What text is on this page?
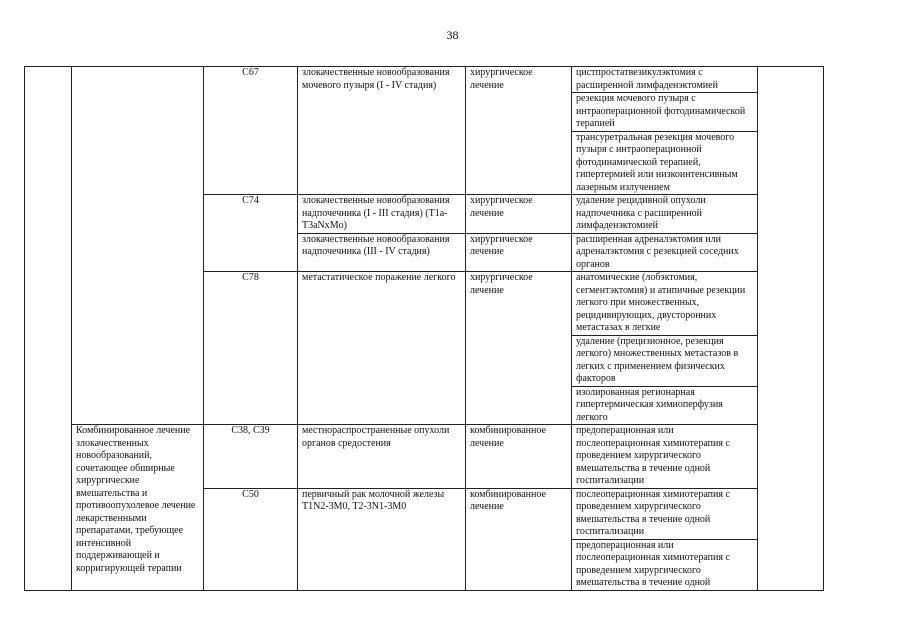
38
		C67	злокачественные новообразования мочевого пузыря (I - IV стадия)	хирургическое лечение	цистпростатвезикулэктомия с расширенной лимфаденэктомией	
					резекция мочевого пузыря с интраоперационной фотодинамической терапией	
					трансуретральная резекция мочевого пузыря с интраоперационной фотодинамической терапией, гипертермией или низкоинтенсивным лазерным излучением	
		C74	злокачественные новообразования надпочечника (I - III стадия) (T1a-T3aNxMo)	хирургическое лечение	удаление рецидивной опухоли надпочечника с расширенной лимфаденэктомией	
			злокачественные новообразования надпочечника (III - IV стадия)	хирургическое лечение	расширенная адреналэктомия или адреналэктомия с резекцией соседних органов	
		C78	метастатическое поражение легкого	хирургическое лечение	анатомические (лобэктомия, сегментэктомия) и атипичные резекции легкого при множественных, рецидивирующих, двусторонних метастазах в легкие	
					удаление (прецизионное, резекция легкого) множественных метастазов в легких с применением физических факторов	
					изолированная регионарная гипертермическая химиоперфузия легкого	

	Комбинированное лечение злокачественных новообразований, сочетающее обширные хирургические вмешательства и противоопухолевое лечение лекарственными препаратами, требующее интенсивной поддерживающей и корригирующей терапии	C38, C39	местнораспространенные опухоли органов средостения	комбинированное лечение	предоперационная или послеоперационная химиотерапия с проведением хирургического вмешательства в течение одной госпитализации	
		C50	первичный рак молочной железы T1N2-3M0, T2-3N1-3M0	комбинированное лечение	послеоперационная химиотерапия с проведением хирургического вмешательства в течение одной госпитализации	
					предоперационная или послеоперационная химиотерапия с проведением хирургического вмешательства в течение одной	
